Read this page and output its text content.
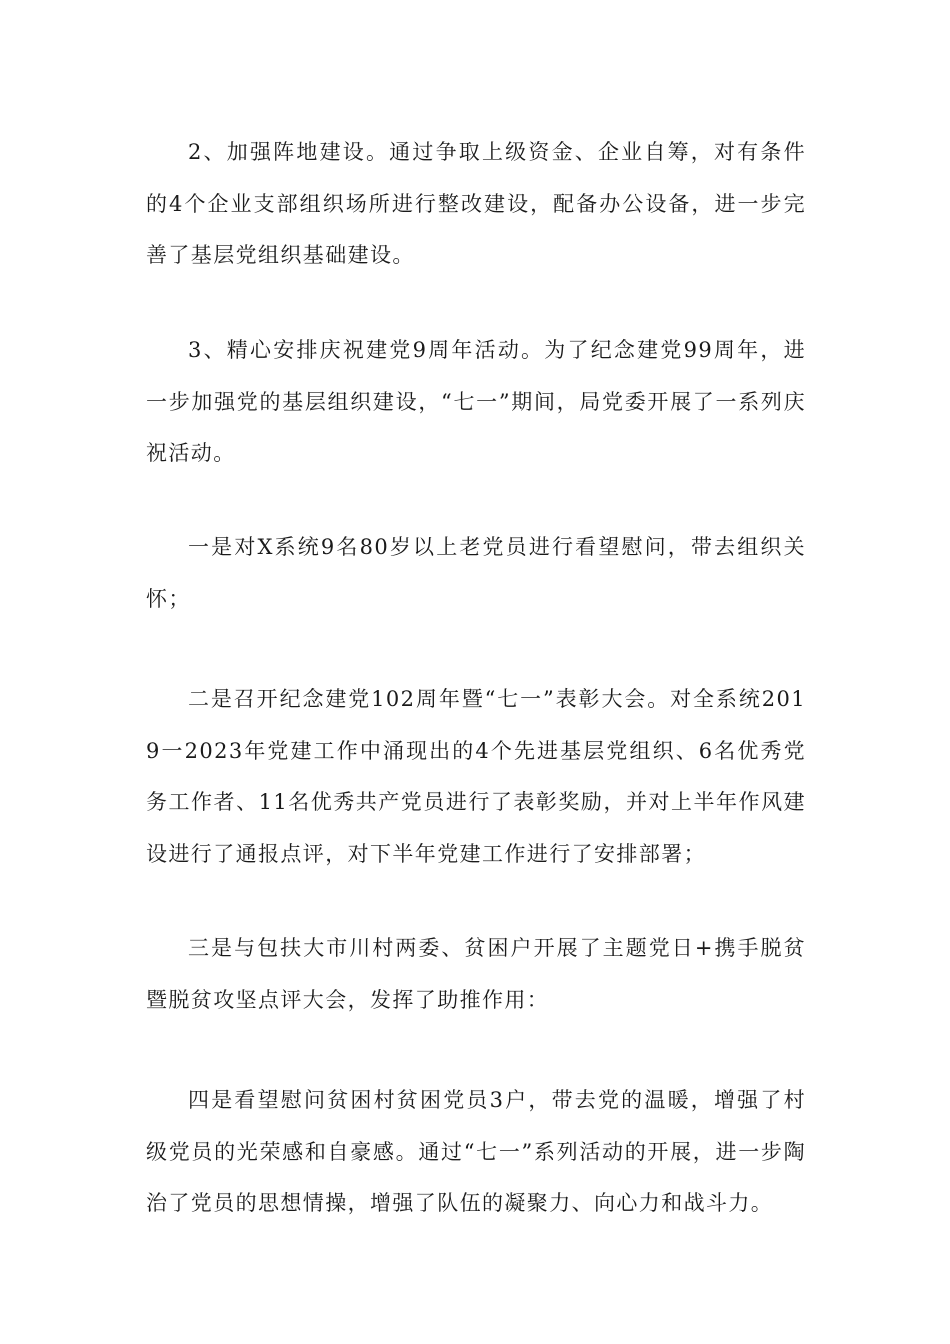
2、加强阵地建设。通过争取上级资金、企业自筹，对有条件的4个企业支部组织场所进行整改建设，配备办公设备，进一步完善了基层党组织基础建设。

3、精心安排庆祝建党9周年活动。为了纪念建党99周年，进一步加强党的基层组织建设，“七一”期间，局党委开展了一系列庆祝活动。

一是对X系统9名80岁以上老党员进行看望慰问，带去组织关怀；

二是召开纪念建党102周年暨“七一”表彰大会。对全系统2019一2023年党建工作中涌现出的4个先进基层党组织、6名优秀党务工作者、11名优秀共产党员进行了表彰奖励，并对上半年作风建设进行了通报点评，对下半年党建工作进行了安排部署；

三是与包扶大市川村两委、贫困户开展了主题党日+携手脱贫暨脱贫攻坚点评大会，发挥了助推作用：

四是看望慰问贫困村贫困党员3户，带去党的温暖，增强了村级党员的光荣感和自豪感。通过“七一”系列活动的开展，进一步陶治了党员的思想情操，增强了队伍的凝聚力、向心力和战斗力。
